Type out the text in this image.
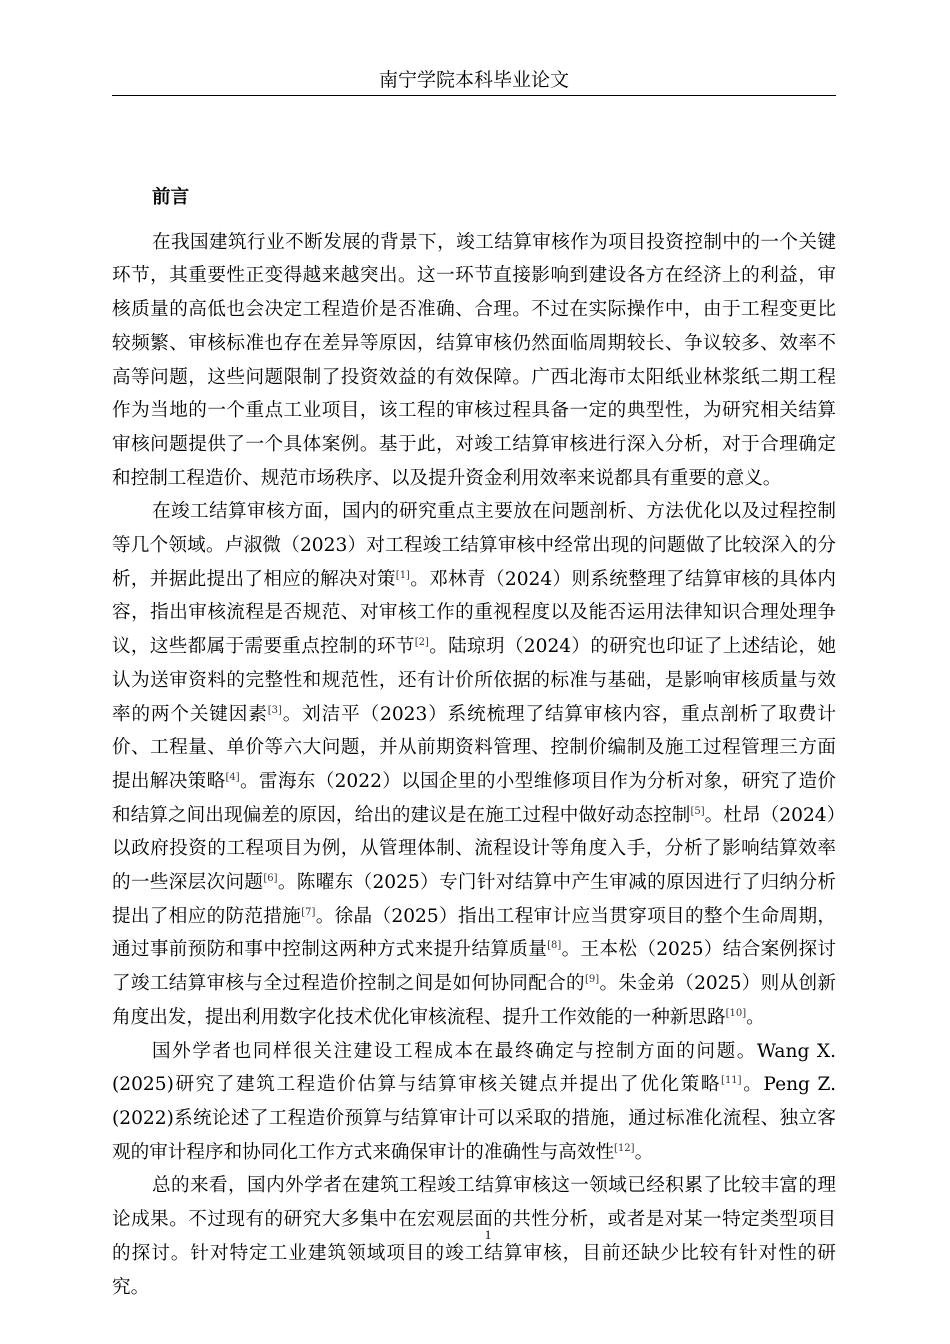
南宁学院本科毕业论文
前言

在我国建筑行业不断发展的背景下，竣工结算审核作为项目投资控制中的一个关键环节，其重要性正变得越来越突出。这一环节直接影响到建设各方在经济上的利益，审核质量的高低也会决定工程造价是否准确、合理。不过在实际操作中，由于工程变更比较频繁、审核标准也存在差异等原因，结算审核仍然面临周期较长、争议较多、效率不高等问题，这些问题限制了投资效益的有效保障。广西北海市太阳纸业林浆纸二期工程作为当地的一个重点工业项目，该工程的审核过程具备一定的典型性，为研究相关结算审核问题提供了一个具体案例。基于此，对竣工结算审核进行深入分析，对于合理确定和控制工程造价、规范市场秩序、以及提升资金利用效率来说都具有重要的意义。

在竣工结算审核方面，国内的研究重点主要放在问题剖析、方法优化以及过程控制等几个领域。卢淑微（2023）对工程竣工结算审核中经常出现的问题做了比较深入的分析，并据此提出了相应的解决对策[1]。邓林青（2024）则系统整理了结算审核的具体内容，指出审核流程是否规范、对审核工作的重视程度以及能否运用法律知识合理处理争议，这些都属于需要重点控制的环节[2]。陆琼玥（2024）的研究也印证了上述结论，她认为送审资料的完整性和规范性，还有计价所依据的标准与基础，是影响审核质量与效率的两个关键因素[3]。刘洁平（2023）系统梳理了结算审核内容，重点剖析了取费计价、工程量、单价等六大问题，并从前期资料管理、控制价编制及施工过程管理三方面提出解决策略[4]。雷海东（2022）以国企里的小型维修项目作为分析对象，研究了造价和结算之间出现偏差的原因，给出的建议是在施工过程中做好动态控制[5]。杜昂（2024）以政府投资的工程项目为例，从管理体制、流程设计等角度入手，分析了影响结算效率的一些深层次问题[6]。陈曜东（2025）专门针对结算中产生审减的原因进行了归纳分析提出了相应的防范措施[7]。徐晶（2025）指出工程审计应当贯穿项目的整个生命周期，通过事前预防和事中控制这两种方式来提升结算质量[8]。王本松（2025）结合案例探讨了竣工结算审核与全过程造价控制之间是如何协同配合的[9]。朱金弟（2025）则从创新角度出发，提出利用数字化技术优化审核流程、提升工作效能的一种新思路[10]。

国外学者也同样很关注建设工程成本在最终确定与控制方面的问题。Wang X.(2025)研究了建筑工程造价估算与结算审核关键点并提出了优化策略[11]。Peng Z.(2022)系统论述了工程造价预算与结算审计可以采取的措施，通过标准化流程、独立客观的审计程序和协同化工作方式来确保审计的准确性与高效性[12]。

总的来看，国内外学者在建筑工程竣工结算审核这一领域已经积累了比较丰富的理论成果。不过现有的研究大多集中在宏观层面的共性分析，或者是对某一特定类型项目的探讨。针对特定工业建筑领域项目的竣工结算审核，目前还缺少比较有针对性的研究。

1
